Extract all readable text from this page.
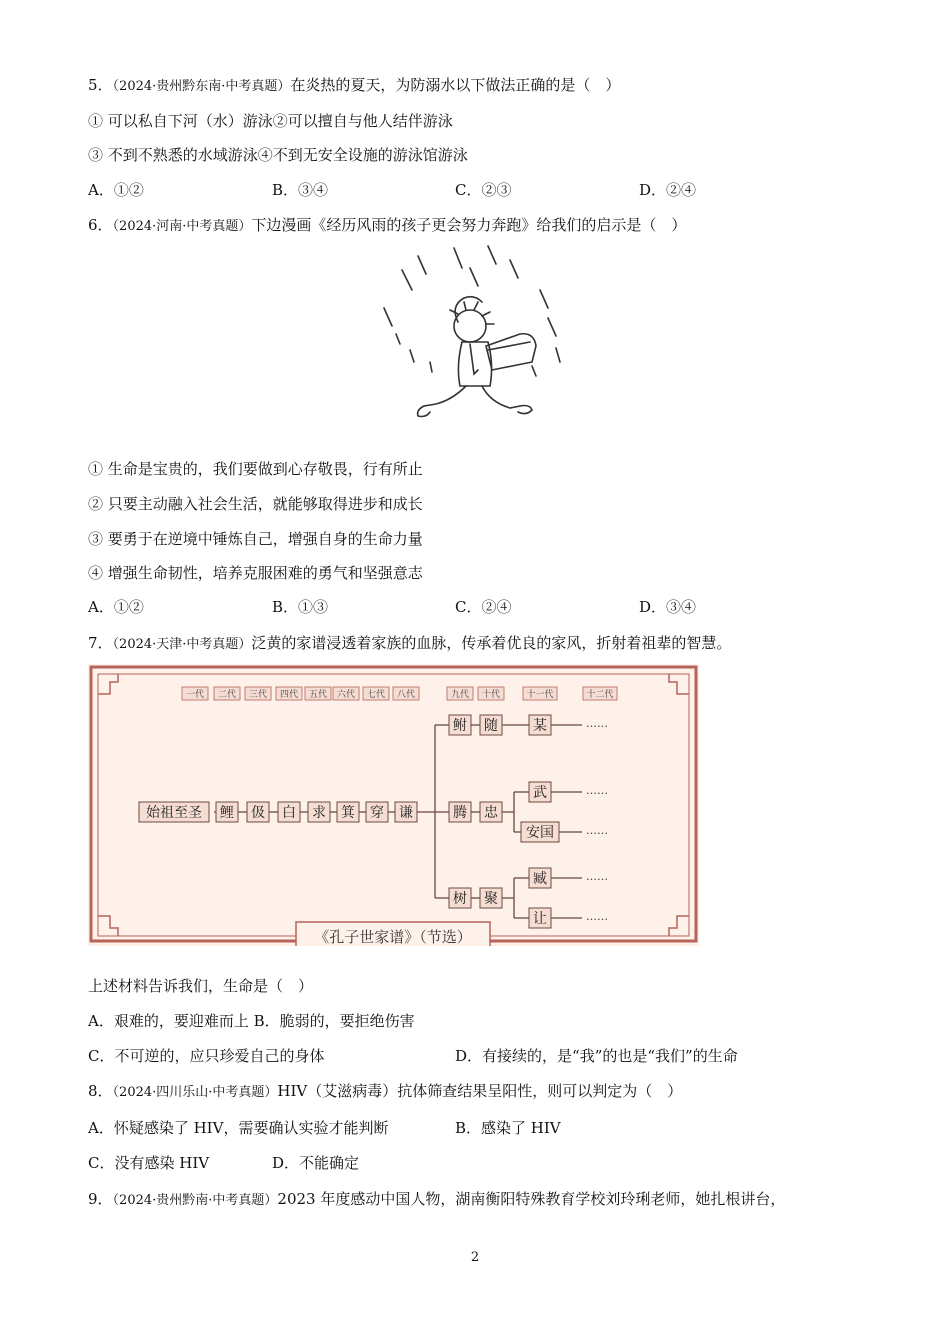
5．（2024·贵州黔东南·中考真题）在炎热的夏天，为防溺水以下做法正确的是（　）
① 可以私自下河（水）游泳②可以擅自与他人结伴游泳
③ 不到不熟悉的水域游泳④不到无安全设施的游泳馆游泳
A．①②	B．③④	C．②③	D．②④
6．（2024·河南·中考真题）下边漫画《经历风雨的孩子更会努力奔跑》给我们的启示是（　）
① 生命是宝贵的，我们要做到心存敬畏，行有所止
② 只要主动融入社会生活，就能够取得进步和成长
③ 要勇于在逆境中锤炼自己，增强自身的生命力量
④ 增强生命韧性，培养克服困难的勇气和坚强意志
A．①②	B．①③	C．②④	D．③④
7．（2024·天津·中考真题）泛黄的家谱浸透着家族的血脉，传承着优良的家风，折射着祖辈的智慧。
一代 二代 三代 四代 五代 六代 七代 八代	九代 十代	十一代	十二代
始祖至圣 鲤 伋 白 求 箕 穿 谦
鲋 随	某
腾 忠
武
安国
树 聚
臧
让
……
……
……
……
……
《孔子世家谱》（节选）
上述材料告诉我们，生命是（　）
A．艰难的，要迎难而上 B．脆弱的，要拒绝伤害
C．不可逆的，应只珍爱自己的身体	D．有接续的，是“我”的也是“我们”的生命
8．（2024·四川乐山·中考真题）HIV（艾滋病毒）抗体筛查结果呈阳性，则可以判定为（　）
A．怀疑感染了 HIV，需要确认实验才能判断	B．感染了 HIV
C．没有感染 HIV	D．不能确定
9．（2024·贵州黔南·中考真题）2023 年度感动中国人物，湖南衡阳特殊教育学校刘玲琍老师，她扎根讲台，
2
